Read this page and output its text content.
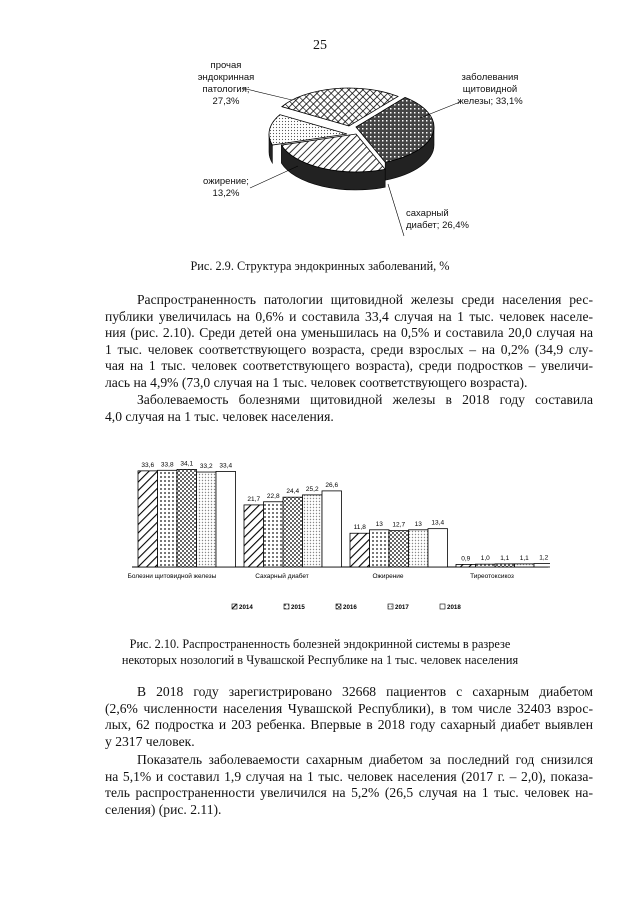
25
прочая эндокринная патология; 27,3%
заболевания щитовидной железы; 33,1%
сахарный диабет; 26,4%
ожирение; 13,2%
Рис. 2.9. Структура эндокринных заболеваний, %
Распространенность патологии щитовидной железы среди населения рес-
публики увеличилась на 0,6% и составила 33,4 случая на 1 тыс. человек населе-
ния (рис. 2.10). Среди детей она уменьшилась на 0,5% и составила 20,0 случая на
1 тыс. человек соответствующего возраста, среди взрослых – на 0,2% (34,9 слу-
чая на 1 тыс. человек соответствующего возраста), среди подростков – увеличи-
лась на 4,9% (73,0 случая на 1 тыс. человек соответствующего возраста).
Заболеваемость болезнями щитовидной железы в 2018 году составила
4,0 случая на 1 тыс. человек населения.
33,6 33,8 34,1 33,2 33,4
Болезни щитовидной железы
21,7 22,8
24,4 25,2
26,6
Сахарный диабет
11,8 13 12,7 13 13,4
Ожирение
0,9 1,0 1,1 1,1 1,2
Тиреотоксикоз
2014	2015	2016	2017	2018
Рис. 2.10. Распространенность болезней эндокринной системы в разрезе
некоторых нозологий в Чувашской Республике на 1 тыс. человек населения
В 2018 году зарегистрировано 32668 пациентов с сахарным диабетом
(2,6% численности населения Чувашской Республики), в том числе 32403 взрос-
лых, 62 подростка и 203 ребенка. Впервые в 2018 году сахарный диабет выявлен
у 2317 человек.
Показатель заболеваемости сахарным диабетом за последний год снизился
на 5,1% и составил 1,9 случая на 1 тыс. человек населения (2017 г. – 2,0), показа-
тель распространенности увеличился на 5,2% (26,5 случая на 1 тыс. человек на-
селения) (рис. 2.11).
